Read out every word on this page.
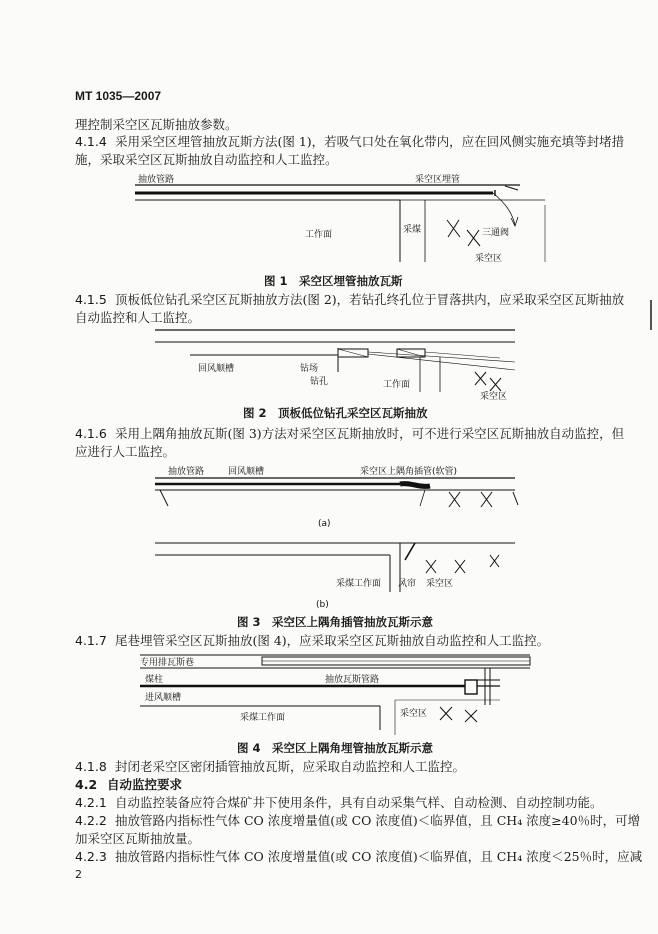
MT 1035—2007
理控制采空区瓦斯抽放参数。
4.1.4 采用采空区埋管抽放瓦斯方法(图 1)，若吸气口处在氧化带内，应在回风侧实施充填等封堵措
施，采取采空区瓦斯抽放自动监控和人工监控。
抽放管路	采空区埋管
工作面	采煤	三通阀
采空区
回风顺槽	钻场
钻孔	工作面
采空区
抽放管路	回风顺槽	采空区上隅角插管(软管)
(a)
采煤工作面 风帘 采空区
(b)
专用排瓦斯巷
煤柱	抽放瓦斯管路
进风顺槽
采煤工作面	采空区
图 1　采空区埋管抽放瓦斯
4.1.5 顶板低位钻孔采空区瓦斯抽放方法(图 2)，若钻孔终孔位于冒落拱内，应采取采空区瓦斯抽放
自动监控和人工监控。
图 2　顶板低位钻孔采空区瓦斯抽放
4.1.6 采用上隅角抽放瓦斯(图 3)方法对采空区瓦斯抽放时，可不进行采空区瓦斯抽放自动监控，但
应进行人工监控。
图 3　采空区上隅角插管抽放瓦斯示意
4.1.7 尾巷埋管采空区瓦斯抽放(图 4)，应采取采空区瓦斯抽放自动监控和人工监控。
图 4　采空区上隅角埋管抽放瓦斯示意
4.1.8 封闭老采空区密闭插管抽放瓦斯，应采取自动监控和人工监控。
4.2 自动监控要求
4.2.1 自动监控装备应符合煤矿井下使用条件，具有自动采集气样、自动检测、自动控制功能。
4.2.2 抽放管路内指标性气体 CO 浓度增量值(或 CO 浓度值)＜临界值，且 CH₄ 浓度≥40％时，可增
加采空区瓦斯抽放量。
4.2.3 抽放管路内指标性气体 CO 浓度增量值(或 CO 浓度值)＜临界值，且 CH₄ 浓度＜25％时，应减
2
